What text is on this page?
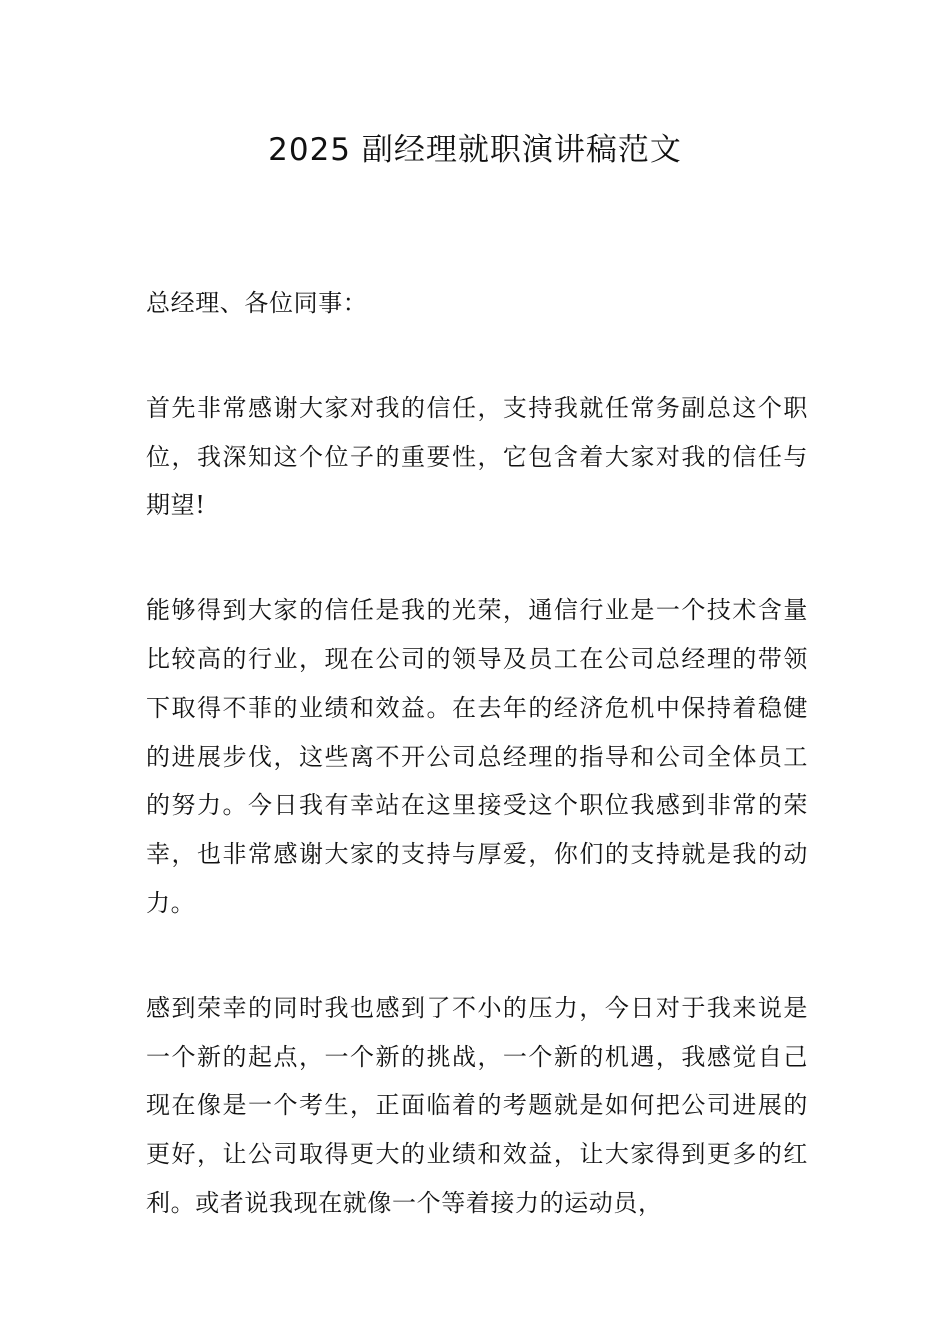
2025 副经理就职演讲稿范文

总经理、各位同事：

首先非常感谢大家对我的信任，支持我就任常务副总这个职位，我深知这个位子的重要性，它包含着大家对我的信任与期望!

能够得到大家的信任是我的光荣，通信行业是一个技术含量比较高的行业，现在公司的领导及员工在公司总经理的带领下取得不菲的业绩和效益。在去年的经济危机中保持着稳健的进展步伐，这些离不开公司总经理的指导和公司全体员工的努力。今日我有幸站在这里接受这个职位我感到非常的荣幸，也非常感谢大家的支持与厚爱，你们的支持就是我的动力。

感到荣幸的同时我也感到了不小的压力，今日对于我来说是一个新的起点，一个新的挑战，一个新的机遇，我感觉自己现在像是一个考生，正面临着的考题就是如何把公司进展的更好，让公司取得更大的业绩和效益，让大家得到更多的红利。或者说我现在就像一个等着接力的运动员，
